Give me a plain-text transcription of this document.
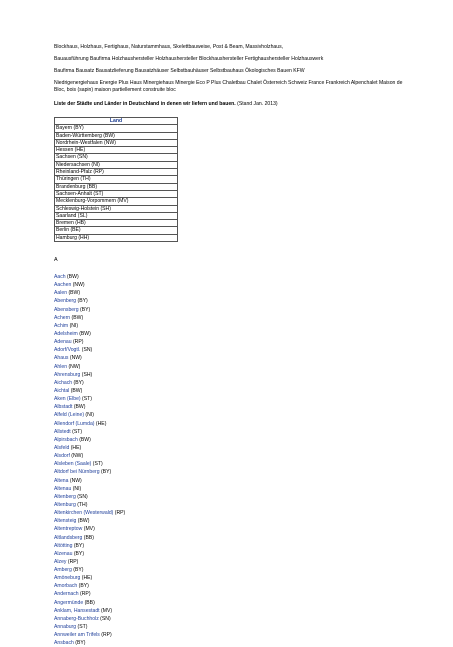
Blockhaus, Holzhaus, Fertighaus, Naturstammhaus, Skelettbauweise, Post & Beam, Massivholzhaus,
Bauausführung Baufirma Holzhaushersteller Holzhaushersteller Blockhaushersteller Fertighaushersteller Holzhauswerk
Baufirma Bausatz Bausatzlieferung Bausatzhäuser Selbstbauhäuser Selbstbauhaus Ökologisches Bauen KFW
Niedrigenergiehaus Energie Plus Haus Minergiehaus Minergie Eco P Plus Chaletbau Chalet Österreich Schweiz France Frankreich Alpenchalet Maison de Bloc, bois (sapin) maison partiellement construite bloc
Liste der Städte und Länder in Deutschland in denen wir liefern und bauen. (Stand Jan. 2013)
Land
Bayern (BY)
Baden-Württemberg (BW)
Nordrhein-Westfalen (NW)
Hessen (HE)
Sachsen (SN)
Niedersachsen (NI)
Rheinland-Pfalz (RP)
Thüringen (TH)
Brandenburg (BB)
Sachsen-Anhalt (ST)
Mecklenburg-Vorpommern (MV)
Schleswig-Holstein (SH)
Saarland (SL)
Bremen (HB)
Berlin (BE)
Hamburg (HH)
A
Aach (BW)
Aachen (NW)
Aalen (BW)
Abenberg (BY)
Abensberg (BY)
Achern (BW)
Achim (NI)
Adelsheim (BW)
Adenau (RP)
Adorf/Vogtl. (SN)
Ahaus (NW)
Ahlen (NW)
Ahrensburg (SH)
Aichach (BY)
Aichtal (BW)
Aken (Elbe) (ST)
Albstadt (BW)
Alfeld (Leine) (NI)
Allendorf (Lumda) (HE)
Allstedt (ST)
Alpirsbach (BW)
Alsfeld (HE)
Alsdorf (NW)
Alsleben (Saale) (ST)
Altdorf bei Nürnberg (BY)
Altena (NW)
Altenau (NI)
Altenberg (SN)
Altenburg (TH)
Altenkirchen (Westerwald) (RP)
Altensteig (BW)
Altentreptow (MV)
Altlandsberg (BB)
Altötting (BY)
Alzenau (BY)
Alzey (RP)
Amberg (BY)
Amöneburg (HE)
Amorbach (BY)
Andernach (RP)
Angermünde (BB)
Anklam, Hansestadt (MV)
Annaberg-Buchholz (SN)
Annaburg (ST)
Annweiler am Trifels (RP)
Ansbach (BY)
